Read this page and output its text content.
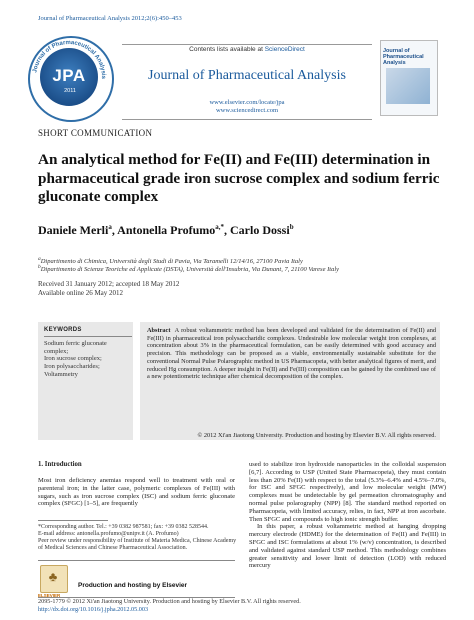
Journal of Pharmaceutical Analysis 2012;2(6):450–453
Journal of Pharmaceutical Analysis
JPA
2011
Contents lists available at ScienceDirect
Journal of Pharmaceutical Analysis
www.elsevier.com/locate/jpa
www.sciencedirect.com
Journal of Pharmaceutical Analysis
SHORT COMMUNICATION
An analytical method for Fe(II) and Fe(III) determination in pharmaceutical grade iron sucrose complex and sodium ferric gluconate complex
Daniele Merli$^a$, Antonella Profumo$^{a,*}$, Carlo Dossi$^b$
$^a$Dipartimento di Chimica, Università degli Studi di Pavia, Via Taramelli 12/14/16, 27100 Pavia Italy
$^b$Dipartimento di Scienze Teoriche ed Applicate (DSTA), Università dell'Insubria, Via Dunant, 7, 21100 Varese Italy
Received 31 January 2012; accepted 18 May 2012
Available online 26 May 2012
KEYWORDS
Sodium ferric gluconate complex;
Iron sucrose complex;
Iron polysaccharides;
Voltammetry
Abstract A robust voltammetric method has been developed and validated for the determination of Fe(II) and Fe(III) in pharmaceutical iron polysaccharidic complexes. Undesirable low molecular weight iron complexes, at concentration about 3% in the pharmaceutical formulation, can be easily determined with good accuracy and precision. This methodology can be proposed as a viable, environmentally sustainable substitute for the conventional Normal Pulse Polarographic method in US Pharmacopeia, with better analytical figures of merit, and reduced Hg consumption. A deeper insight in Fe(II) and Fe(III) composition can be gained by the combined use of a new potentiometric technique after chemical decomposition of the complex.
© 2012 Xi'an Jiaotong University. Production and hosting by Elsevier B.V. All rights reserved.
1. Introduction
Most iron deficiency anemias respond well to treatment with oral or parenteral iron; in the latter case, polymeric complexes of Fe(III) with sugars, such as iron sucrose complex (ISC) and sodium ferric gluconate complex (SFGC) [1–5], are frequently
*Corresponding author. Tel.: +39 0382 987581; fax: +39 0382 528544.
E-mail address: antonella.profumo@unipv.it (A. Profumo)
Peer review under responsibility of Institute of Materia Medica, Chinese Academy of Medical Sciences and Chinese Pharmaceutical Association.
used to stabilize iron hydroxide nanoparticles in the colloidal suspension [6,7]. According to USP (United State Pharmacopeia), they must contain less than 20% Fe(II) with respect to the total (5.3%–6.4% and 4.5%–7.0%, for ISC and SFGC respectively), and low molecular weight (MW) complexes must be undetectable by gel permeation chromatography and normal pulse polarography (NPP) [8]. The standard method reported on Pharmacopeia, with limited accuracy, relies, in fact, NPP at iron ascorbate. Then SFGC and compounds to high ionic strength buffer.
In this paper, a robust voltammetric method at hanging dropping mercury electrode (HDME) for the determination of Fe(II) and Fe(III) in SFGC and ISC formulations at about 1% (w/v) concentration, is described and validated against standard USP method. This methodology combines greater sensitivity and lower limit of detection (LOD) with reduced mercury
♣
ELSEVIER
Production and hosting by Elsevier
2095-1779 © 2012 Xi'an Jiaotong University. Production and hosting by Elsevier B.V. All rights reserved.
http://dx.doi.org/10.1016/j.jpha.2012.05.003
